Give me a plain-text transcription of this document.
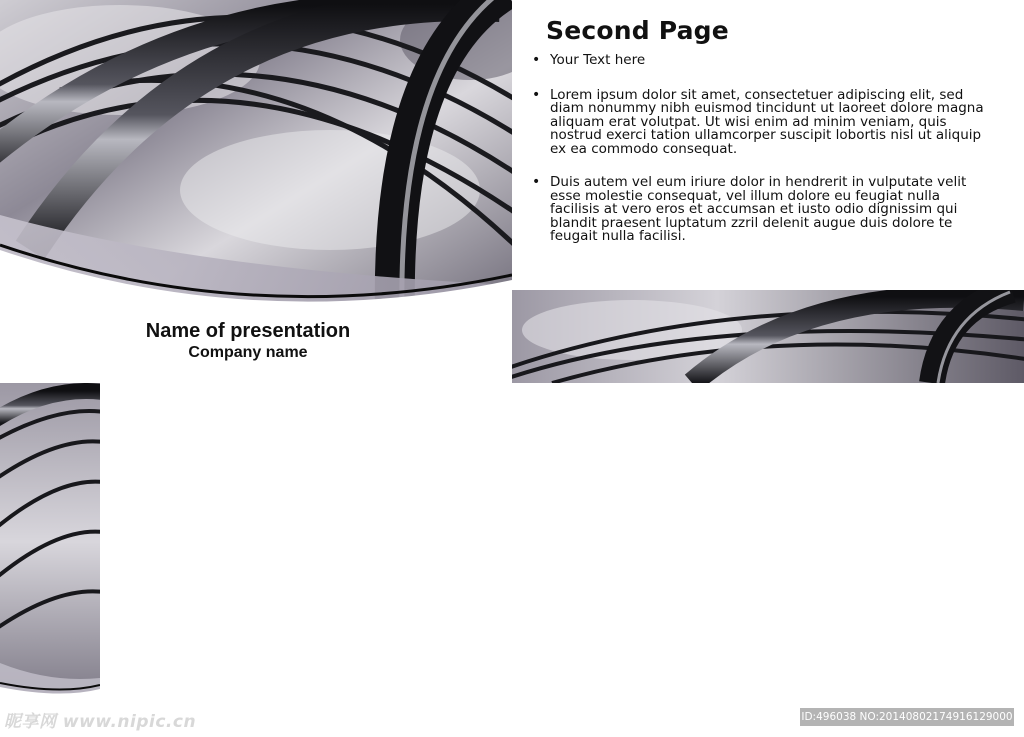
Name of presentation
Company name
Second Page
• Your Text here
• Lorem ipsum dolor sit amet, consectetuer adipiscing elit, sed diam nonummy nibh euismod tincidunt ut laoreet dolore magna aliquam erat volutpat. Ut wisi enim ad minim veniam, quis nostrud exerci tation ullamcorper suscipit lobortis nisl ut aliquip ex ea commodo consequat.
• Duis autem vel eum iriure dolor in hendrerit in vulputate velit esse molestie consequat, vel illum dolore eu feugiat nulla facilisis at vero eros et accumsan et iusto odio dignissim qui blandit praesent luptatum zzril delenit augue duis dolore te feugait nulla facilisi.
昵享网 www.nipic.cn	ID:496038 NO:20140802174916129000
